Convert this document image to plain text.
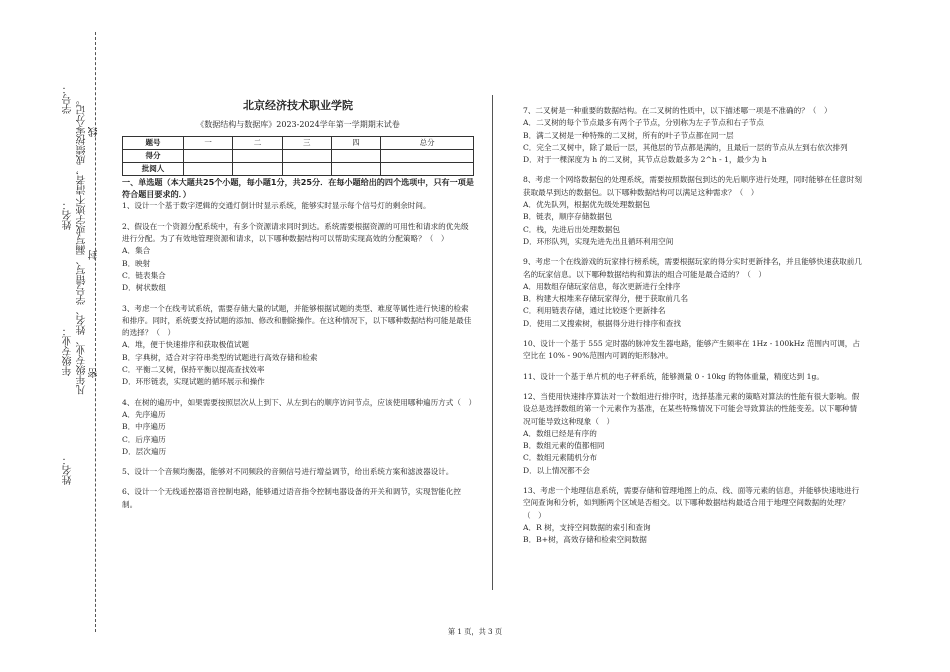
学号：
线
姓名： 凡年级专业、姓名、学号错写、漏写或字迹不清者，成绩按零分记。 封
年级专业： 密
姓名：

北京经济技术职业学院

《数据结构与数据库》2023-2024学年第一学期期末试卷

题号	一	二	三	四	总分
得分					
批阅人					
一、单选题（本大题共25个小题，每小题1分，共25分．在每小题给出的四个选项中，只有一项是符合题目要求的．）

1、设计一个基于数字逻辑的交通灯倒计时显示系统，能够实时显示每个信号灯的剩余时间。

2、假设在一个资源分配系统中，有多个资源请求同时到达。系统需要根据资源的可用性和请求的优先级进行分配。为了有效地管理资源和请求，以下哪种数据结构可以帮助实现高效的分配策略？（　）

A．集合

B．映射

C．链表集合

D．树状数组

3、考虑一个在线考试系统，需要存储大量的试题，并能够根据试题的类型、难度等属性进行快速的检索和排序。同时，系统要支持试题的添加、修改和删除操作。在这种情况下，以下哪种数据结构可能是最佳的选择？（　）

A．堆，便于快速排序和获取极值试题

B．字典树，适合对字符串类型的试题进行高效存储和检索

C．平衡二叉树，保持平衡以提高查找效率

D．环形链表，实现试题的循环展示和操作

4、在树的遍历中，如果需要按照层次从上到下、从左到右的顺序访问节点，应该使用哪种遍历方式（　）

A．先序遍历

B．中序遍历

C．后序遍历

D．层次遍历

5、设计一个音频均衡器，能够对不同频段的音频信号进行增益调节，给出系统方案和滤波器设计。

6、设计一个无线遥控器语音控制电路，能够通过语音指令控制电器设备的开关和调节，实现智能化控制。

7、二叉树是一种重要的数据结构。在二叉树的性质中，以下描述哪一项是不准确的？（　）

A．二叉树的每个节点最多有两个子节点，分别称为左子节点和右子节点

B．满二叉树是一种特殊的二叉树，所有的叶子节点都在同一层

C．完全二叉树中，除了最后一层，其他层的节点都是满的，且最后一层的节点从左到右依次排列

D．对于一棵深度为 h 的二叉树，其节点总数最多为 2^h - 1，最少为 h

8、考虑一个网络数据包的处理系统，需要按照数据包到达的先后顺序进行处理，同时能够在任意时刻获取最早到达的数据包。以下哪种数据结构可以满足这种需求？（　）

A．优先队列，根据优先级处理数据包

B．链表，顺序存储数据包

C．栈，先进后出处理数据包

D．环形队列，实现先进先出且循环利用空间

9、考虑一个在线游戏的玩家排行榜系统，需要根据玩家的得分实时更新排名，并且能够快速获取前几名的玩家信息。以下哪种数据结构和算法的组合可能是最合适的？（　）

A．用数组存储玩家信息，每次更新进行全排序

B．构建大根堆来存储玩家得分，便于获取前几名

C．利用链表存储，通过比较逐个更新排名

D．使用二叉搜索树，根据得分进行排序和查找

10、设计一个基于 555 定时器的脉冲发生器电路，能够产生频率在 1Hz - 100kHz 范围内可调，占空比在 10% - 90%范围内可调的矩形脉冲。

11、设计一个基于单片机的电子秤系统，能够测量 0 - 10kg 的物体重量，精度达到 1g。

12、当使用快速排序算法对一个数组进行排序时，选择基准元素的策略对算法的性能有很大影响。假设总是选择数组的第一个元素作为基准，在某些特殊情况下可能会导致算法的性能变差。以下哪种情况可能导致这种现象（　）

A．数组已经是有序的

B．数组元素的值都相同

C．数组元素随机分布

D．以上情况都不会

13、考虑一个地理信息系统，需要存储和管理地图上的点、线、面等元素的信息，并能够快速地进行空间查询和分析，如判断两个区域是否相交。以下哪种数据结构最适合用于地理空间数据的处理？（　）

A．R 树，支持空间数据的索引和查询

B．B+树，高效存储和检索空间数据

第 1 页，共 3 页
